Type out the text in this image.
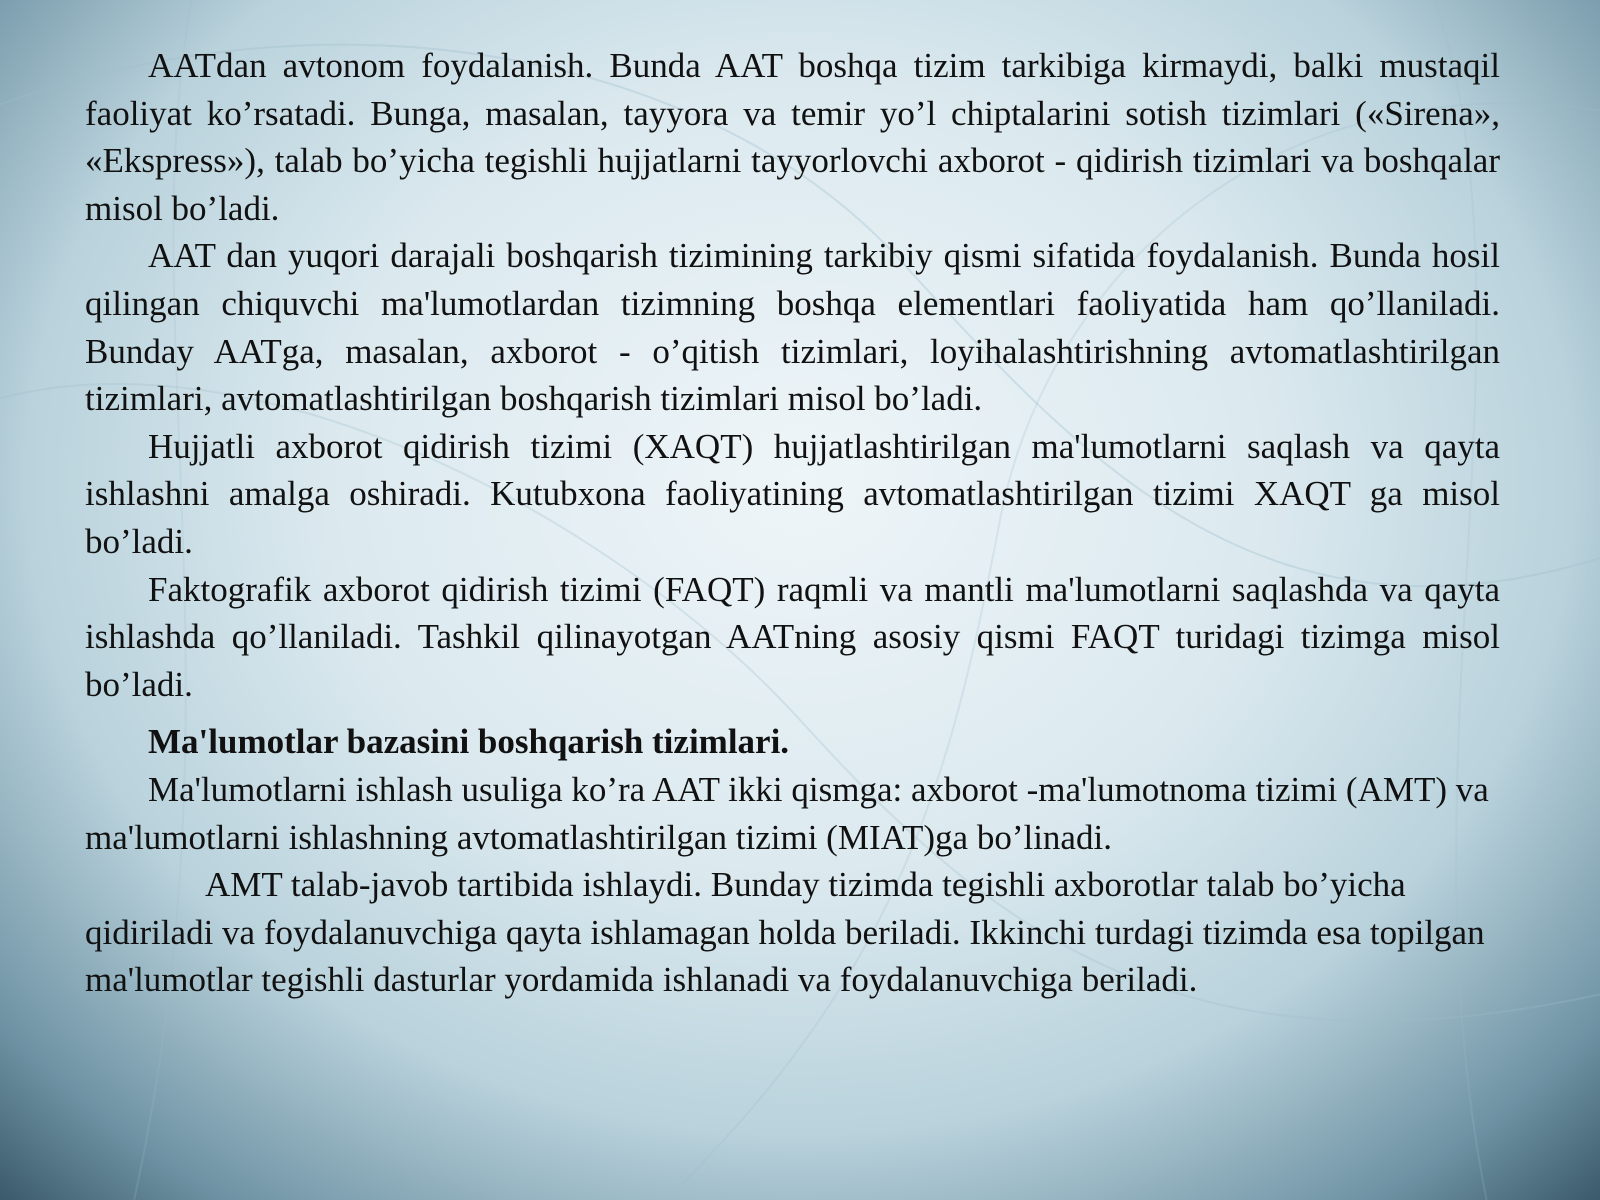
AATdan avtonom foydalanish. Bunda AAT boshqa tizim tarkibiga kirmaydi, balki mustaqil faoliyat ko’rsatadi. Bunga, masalan, tayyora va temir yo’l chiptalarini sotish tizimlari («Sirena», «Ekspress»), talab bo’yicha tegishli hujjatlarni tayyorlovchi axborot - qidirish tizimlari va boshqalar misol bo’ladi.

AAT dan yuqori darajali boshqarish tizimining tarkibiy qismi sifatida foydalanish. Bunda hosil qilingan chiquvchi ma'lumotlardan tizimning boshqa elementlari faoliyatida ham qo’llaniladi. Bunday AATga, masalan, axborot - o’qitish tizimlari, loyihalashtirishning avtomatlashtirilgan tizimlari, avtomatlashtirilgan boshqarish tizimlari misol bo’ladi.

Hujjatli axborot qidirish tizimi (XAQT) hujjatlashtirilgan ma'lumotlarni saqlash va qayta ishlashni amalga oshiradi. Kutubxona faoliyatining avtomatlashtirilgan tizimi XAQT ga misol bo’ladi.

Faktografik axborot qidirish tizimi (FAQT) raqmli va mantli ma'lumotlarni saqlashda va qayta ishlashda qo’llaniladi. Tashkil qilinayotgan AATning asosiy qismi FAQT turidagi tizimga misol bo’ladi.

Ma'lumotlar bazasini boshqarish tizimlari.

Ma'lumotlarni ishlash usuliga ko’ra AAT ikki qismga: axborot -ma'lumotnoma tizimi (AMT) va ma'lumotlarni ishlashning avtomatlashtirilgan tizimi (MIAT)ga bo’linadi.

AMT talab-javob tartibida ishlaydi. Bunday tizimda tegishli axborotlar talab bo’yicha qidiriladi va foydalanuvchiga qayta ishlamagan holda beriladi. Ikkinchi turdagi tizimda esa topilgan ma'lumotlar tegishli dasturlar yordamida ishlanadi va foydalanuvchiga beriladi.
